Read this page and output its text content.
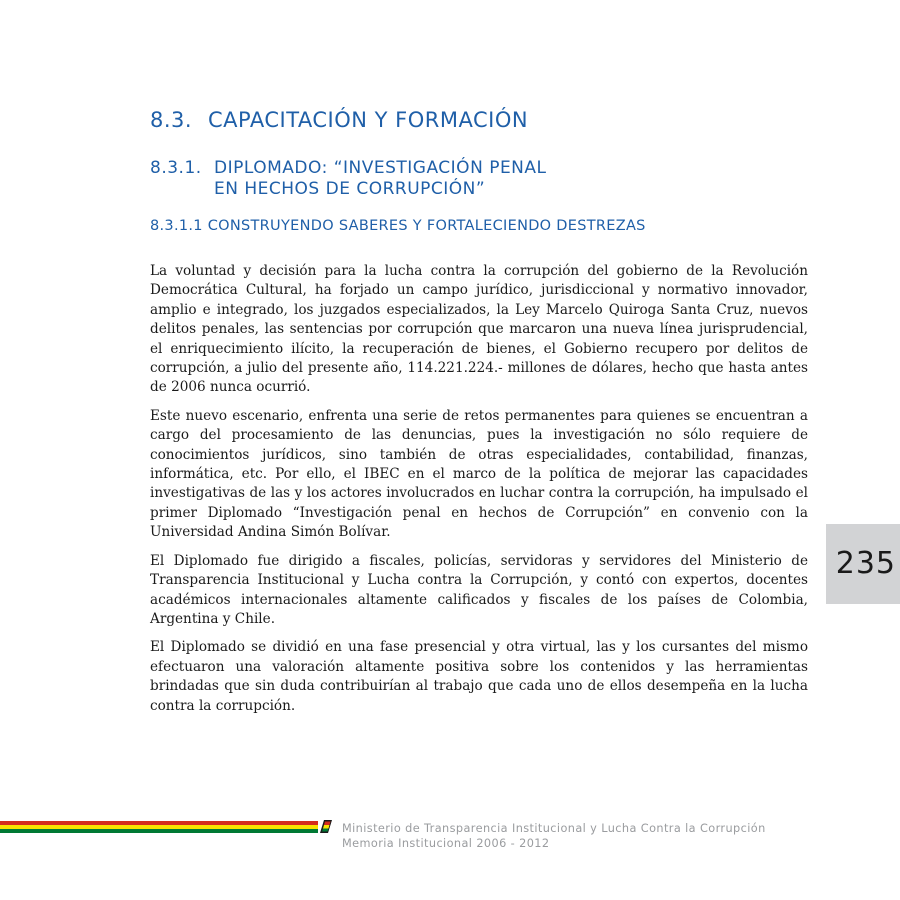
8.3. CAPACITACIÓN Y FORMACIÓN
8.3.1. DIPLOMADO: “INVESTIGACIÓN PENAL
EN HECHOS DE CORRUPCIÓN”
8.3.1.1 CONSTRUYENDO SABERES Y FORTALECIENDO DESTREZAS

La voluntad y decisión para la lucha contra la corrupción del gobierno de la Revolución Democrática Cultural, ha forjado un campo jurídico, jurisdiccional y normativo innovador, amplio e integrado, los juzgados especializados, la Ley Marcelo Quiroga Santa Cruz, nuevos delitos penales, las sentencias por corrupción que marcaron una nueva línea jurisprudencial, el enriquecimiento ilícito, la recuperación de bienes, el Gobierno recupero por delitos de corrupción, a julio del presente año, 114.221.224.- millones de dólares, hecho que hasta antes de 2006 nunca ocurrió.

Este nuevo escenario, enfrenta una serie de retos permanentes para quienes se encuentran a cargo del procesamiento de las denuncias, pues la investigación no sólo requiere de conocimientos jurídicos, sino también de otras especialidades, contabilidad, finanzas, informática, etc. Por ello, el IBEC en el marco de la política de mejorar las capacidades investigativas de las y los actores involucrados en luchar contra la corrupción, ha impulsado el primer Diplomado “Investigación penal en hechos de Corrupción” en convenio con la Universidad Andina Simón Bolívar.

El Diplomado fue dirigido a fiscales, policías, servidoras y servidores del Ministerio de Transparencia Institucional y Lucha contra la Corrupción, y contó con expertos, docentes académicos internacionales altamente calificados y fiscales de los países de Colombia, Argentina y Chile.

El Diplomado se dividió en una fase presencial y otra virtual, las y los cursantes del mismo efectuaron una valoración altamente positiva sobre los contenidos y las herramientas brindadas que sin duda contribuirían al trabajo que cada uno de ellos desempeña en la lucha contra la corrupción.

235
Ministerio de Transparencia Institucional y Lucha Contra la Corrupción
Memoria Institucional 2006 - 2012
